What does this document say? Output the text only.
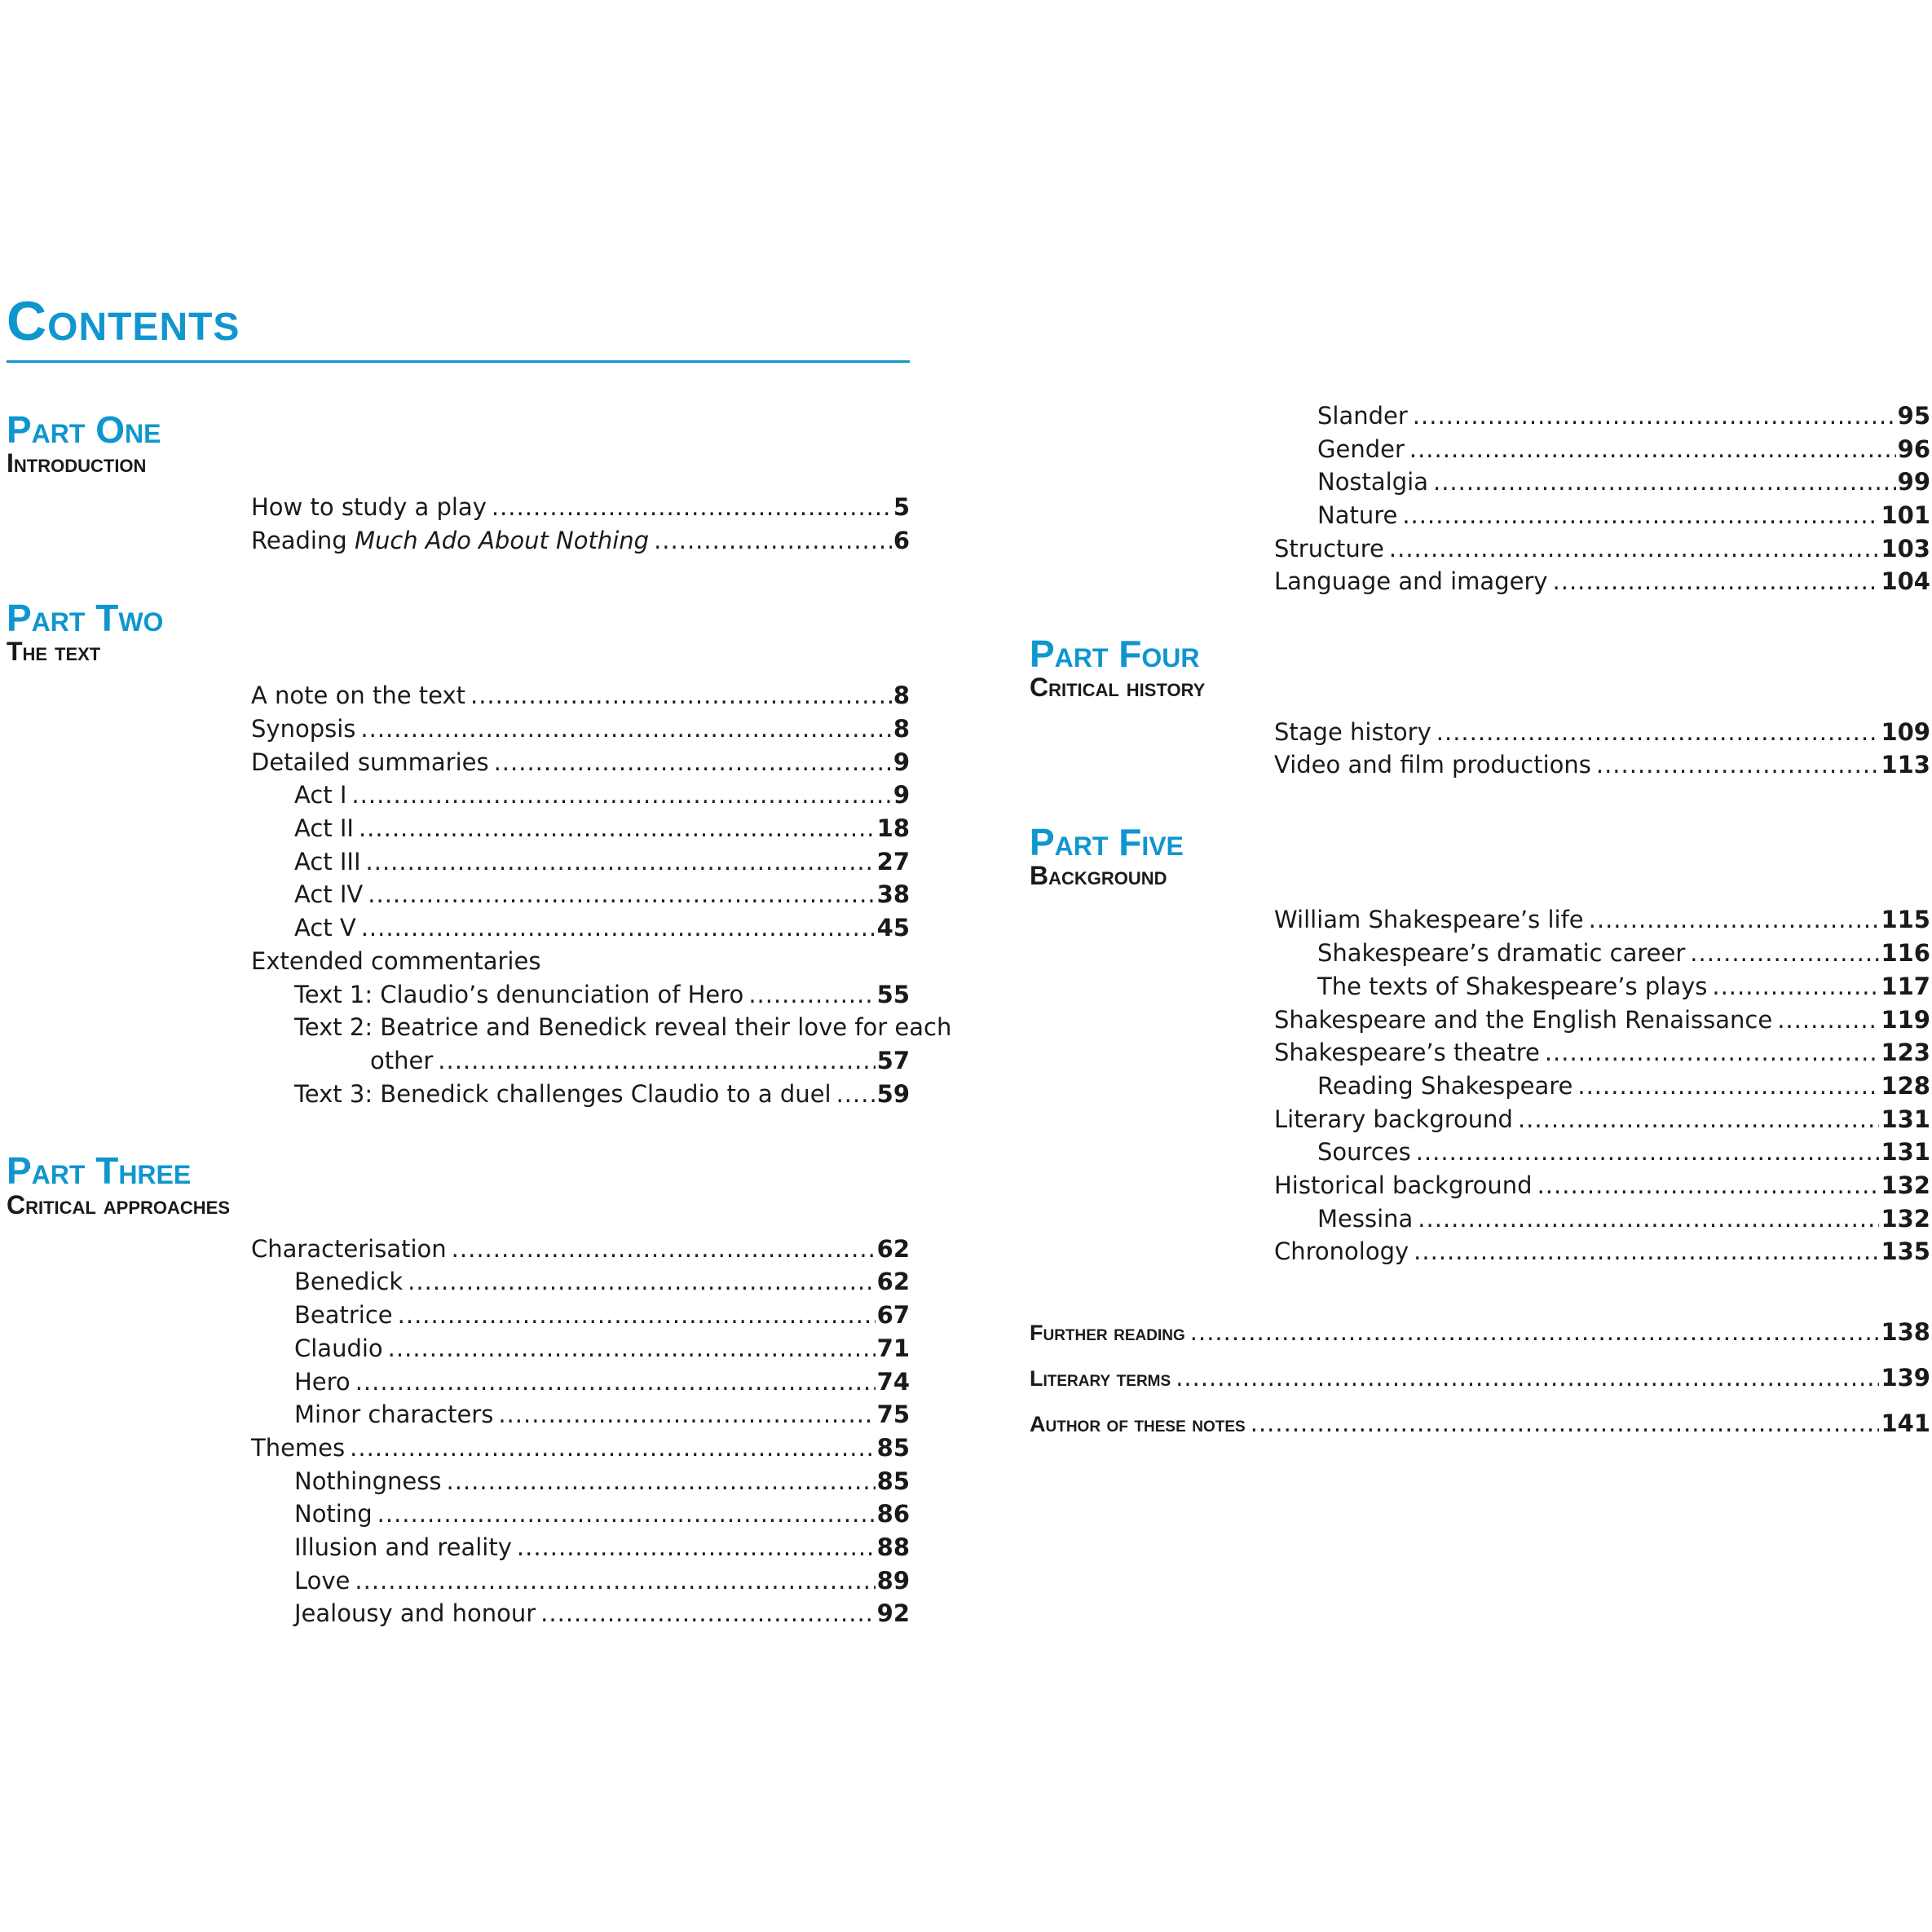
Contents
Part One
Introduction
How to study a play .....	5
Reading Much Ado About Nothing .....	6
Part Two
The text
A note on the text .....	8
Synopsis .....	8
Detailed summaries .....	9
Act I .....	9
Act II .....	18
Act III .....	27
Act IV .....	38
Act V .....	45
Extended commentaries
Text 1: Claudio’s denunciation of Hero .....	55
Text 2: Beatrice and Benedick reveal their love for each
other .....	57
Text 3: Benedick challenges Claudio to a duel ..... 59
Part Three
Critical approaches
Characterisation .....	62
Benedick .....	62
Beatrice .....	67
Claudio .....	71
Hero .....	74
Minor characters .....	75
Themes .....	85
Nothingness .....	85
Noting .....	86
Illusion and reality .....	88
Love .....	89
Jealousy and honour .....	92
Slander .....	95
Gender .....	96
Nostalgia .....	99
Nature .....	101
Structure .....	103
Language and imagery .....	104
Part Four
Critical history
Stage history .....	109
Video and film productions .....	113
Part Five
Background
William Shakespeare’s life .....	115
Shakespeare’s dramatic career .....	116
The texts of Shakespeare’s plays .....	117
Shakespeare and the English Renaissance .....	119
Shakespeare’s theatre .....	123
Reading Shakespeare .....	128
Literary background .....	131
Sources .....	131
Historical background .....	132
Messina .....	132
Chronology .....	135
Further reading .....	138
Literary terms .....	139
Author of these notes .....	141
